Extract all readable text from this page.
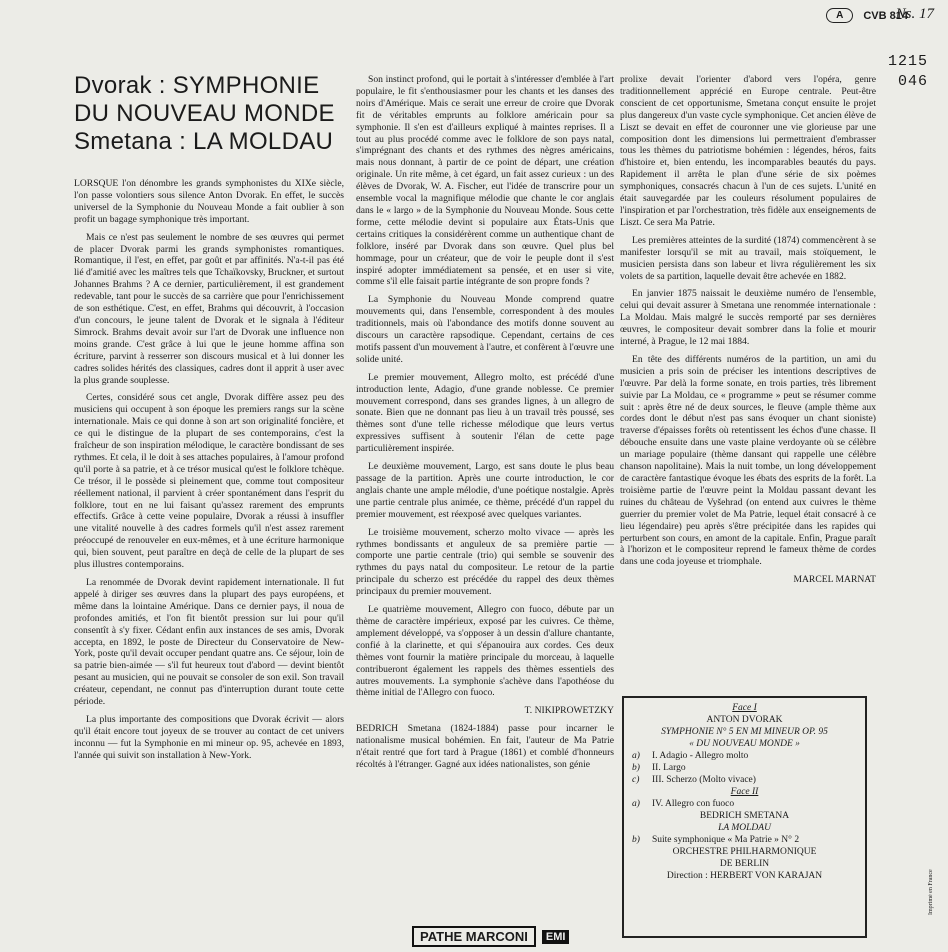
A	CVB 814
Ns. 17
1215
046
Dvorak : SYMPHONIE
DU NOUVEAU MONDE
Smetana : LA MOLDAU

LORSQUE l'on dénombre les grands symphonistes du XIXe siècle, l'on passe volontiers sous silence Anton Dvorak. En effet, le succès universel de la Symphonie du Nouveau Monde a fait oublier à son profit un bagage symphonique très important.

Mais ce n'est pas seulement le nombre de ses œuvres qui permet de placer Dvorak parmi les grands symphonistes romantiques. Romantique, il l'est, en effet, par goût et par affinités. N'a-t-il pas été lié d'amitié avec les maîtres tels que Tchaïkovsky, Bruckner, et surtout Johannes Brahms ? A ce dernier, particulièrement, il est grandement redevable, tant pour le succès de sa carrière que pour l'enrichissement de son esthétique. C'est, en effet, Brahms qui découvrit, à l'occasion d'un concours, le jeune talent de Dvorak et le signala à l'éditeur Simrock. Brahms devait avoir sur l'art de Dvorak une influence non moins grande. C'est grâce à lui que le jeune homme affina son écriture, parvint à resserrer son discours musical et à lui donner les cadres solides hérités des classiques, cadres dont il apprit à user avec la plus grande souplesse.

Certes, considéré sous cet angle, Dvorak diffère assez peu des musiciens qui occupent à son époque les premiers rangs sur la scène internationale. Mais ce qui donne à son art son originalité foncière, et ce qui le distingue de la plupart de ses contemporains, c'est la fraîcheur de son inspiration mélodique, le caractère bondissant de ses rythmes. Et cela, il le doit à ses attaches populaires, à l'amour profond qu'il porte à sa patrie, et à ce trésor musical qu'est le folklore tchèque. Ce trésor, il le possède si pleinement que, comme tout compositeur réellement national, il parvient à créer spontanément dans l'esprit du folklore, tout en ne lui faisant qu'assez rarement des emprunts effectifs. Grâce à cette veine populaire, Dvorak a réussi à insuffler une vitalité nouvelle à des cadres formels qu'il n'est assez rarement préoccupé de renouveler en eux-mêmes, et à une écriture harmonique qui, bien souvent, peut paraître en deçà de celle de la plupart de ses plus illustres contemporains.

La renommée de Dvorak devint rapidement internationale. Il fut appelé à diriger ses œuvres dans la plupart des pays européens, et même dans la lointaine Amérique. Dans ce dernier pays, il noua de profondes amitiés, et l'on fit bientôt pression sur lui pour qu'il consentît à s'y fixer. Cédant enfin aux instances de ses amis, Dvorak accepta, en 1892, le poste de Directeur du Conservatoire de New-York, poste qu'il devait occuper pendant quatre ans. Ce séjour, loin de sa patrie bien-aimée — s'il fut heureux tout d'abord — devint bientôt pesant au musicien, qui ne pouvait se consoler de son exil. Son travail créateur, cependant, ne connut pas d'interruption durant toute cette période.

La plus importante des compositions que Dvorak écrivit — alors qu'il était encore tout joyeux de se trouver au contact de cet univers inconnu — fut la Symphonie en mi mineur op. 95, achevée en 1893, l'année qui suivit son installation à New-York.

Son instinct profond, qui le portait à s'intéresser d'emblée à l'art populaire, le fit s'enthousiasmer pour les chants et les danses des noirs d'Amérique. Mais ce serait une erreur de croire que Dvorak fit de véritables emprunts au folklore américain pour sa symphonie. Il s'en est d'ailleurs expliqué à maintes reprises. Il a tout au plus procédé comme avec le folklore de son pays natal, s'imprégnant des chants et des rythmes des nègres américains, mais nous donnant, à partir de ce point de départ, une création originale. Un rite même, à cet égard, un fait assez curieux : un des élèves de Dvorak, W. A. Fischer, eut l'idée de transcrire pour un ensemble vocal la magnifique mélodie que chante le cor anglais dans le « largo » de la Symphonie du Nouveau Monde. Sous cette forme, cette mélodie devint si populaire aux États-Unis que certains critiques la considérèrent comme un authentique chant de folklore, inséré par Dvorak dans son œuvre. Quel plus bel hommage, pour un créateur, que de voir le peuple dont il s'est inspiré adopter immédiatement sa pensée, et en user si vite, comme s'il elle faisait partie intégrante de son propre fonds ?

La Symphonie du Nouveau Monde comprend quatre mouvements qui, dans l'ensemble, correspondent à des moules traditionnels, mais où l'abondance des motifs donne souvent au discours un caractère rapsodique. Cependant, certains de ces motifs passent d'un mouvement à l'autre, et confèrent à l'œuvre une solide unité.

Le premier mouvement, Allegro molto, est précédé d'une introduction lente, Adagio, d'une grande noblesse. Ce premier mouvement correspond, dans ses grandes lignes, à un allegro de sonate. Bien que ne donnant pas lieu à un travail très poussé, ses thèmes sont d'une telle richesse mélodique que leurs vertus expressives suffisent à soutenir l'élan de cette page particulièrement inspirée.

Le deuxième mouvement, Largo, est sans doute le plus beau passage de la partition. Après une courte introduction, le cor anglais chante une ample mélodie, d'une poétique nostalgie. Après une partie centrale plus animée, ce thème, précédé d'un rappel du premier mouvement, est réexposé avec quelques variantes.

Le troisième mouvement, scherzo molto vivace — après les rythmes bondissants et anguleux de sa première partie — comporte une partie centrale (trio) qui semble se souvenir des rythmes du pays natal du compositeur. Le retour de la partie principale du scherzo est précédée du rappel des deux thèmes principaux du premier mouvement.

Le quatrième mouvement, Allegro con fuoco, débute par un thème de caractère impérieux, exposé par les cuivres. Ce thème, amplement développé, va s'opposer à un dessin d'allure chantante, confié à la clarinette, et qui s'épanouira aux cordes. Ces deux thèmes vont fournir la matière principale du morceau, à laquelle contribueront également les rappels des thèmes essentiels des autres mouvements. La symphonie s'achève dans l'apothéose du thème initial de l'Allegro con fuoco.

T. NIKIPROWETZKY

BEDRICH Smetana (1824-1884) passe pour incarner le nationalisme musical bohémien. En fait, l'auteur de Ma Patrie n'était rentré que fort tard à Prague (1861) et comblé d'honneurs récoltés à l'étranger. Gagné aux idées nationalistes, son génie

prolixe devait l'orienter d'abord vers l'opéra, genre traditionnellement apprécié en Europe centrale. Peut-être conscient de cet opportunisme, Smetana conçut ensuite le projet plus dangereux d'un vaste cycle symphonique. Cet ancien élève de Liszt se devait en effet de couronner une vie glorieuse par une composition dont les dimensions lui permettraient d'embrasser tous les thèmes du patriotisme bohémien : légendes, héros, faits d'histoire et, bien entendu, les incomparables beautés du pays. Rapidement il arrêta le plan d'une série de six poèmes symphoniques, consacrés chacun à l'un de ces sujets. L'unité en était sauvegardée par les couleurs résolument populaires de l'inspiration et par l'orchestration, très fidèle aux enseignements de Liszt. Ce sera Ma Patrie.

Les premières atteintes de la surdité (1874) commencèrent à se manifester lorsqu'il se mit au travail, mais stoïquement, le musicien persista dans son labeur et livra régulièrement les six volets de sa partition, laquelle devait être achevée en 1882.

En janvier 1875 naissait le deuxième numéro de l'ensemble, celui qui devait assurer à Smetana une renommée internationale : La Moldau. Mais malgré le succès remporté par ses dernières œuvres, le compositeur devait sombrer dans la folie et mourir interné, à Prague, le 12 mai 1884.

En tête des différents numéros de la partition, un ami du musicien a pris soin de préciser les intentions descriptives de l'œuvre. Par delà la forme sonate, en trois parties, très librement suivie par La Moldau, ce « programme » peut se résumer comme suit : après être né de deux sources, le fleuve (ample thème aux cordes dont le début n'est pas sans évoquer un chant sioniste) traverse d'épaisses forêts où retentissent les échos d'une chasse. Il débouche ensuite dans une vaste plaine verdoyante où se célèbre un mariage populaire (thème dansant qui rappelle une célèbre chanson napolitaine). Mais la nuit tombe, un long développement de caractère fantastique évoque les ébats des esprits de la forêt. La troisième partie de l'œuvre peint la Moldau passant devant les ruines du château de Vyšehrad (on entend aux cuivres le thème guerrier du premier volet de Ma Patrie, lequel était consacré à ce lieu légendaire) peu après s'être précipitée dans les rapides qui perturbent son cours, en amont de la capitale. Enfin, Prague paraît à l'horizon et le compositeur reprend le fameux thème de cordes dans une coda joyeuse et triomphale.

MARCEL MARNAT

Face I
ANTON DVORAK
SYMPHONIE N° 5 EN MI MINEUR OP. 95
« DU NOUVEAU MONDE »
a)	I. Adagio - Allegro molto
b)	II. Largo
c)	III. Scherzo (Molto vivace)
Face II
a)	IV. Allegro con fuoco
BEDRICH SMETANA
LA MOLDAU
b)	Suite symphonique « Ma Patrie » N° 2
ORCHESTRE PHILHARMONIQUE
DE BERLIN
Direction : HERBERT VON KARAJAN
PATHE MARCONI	EMI
Imprimé en France
